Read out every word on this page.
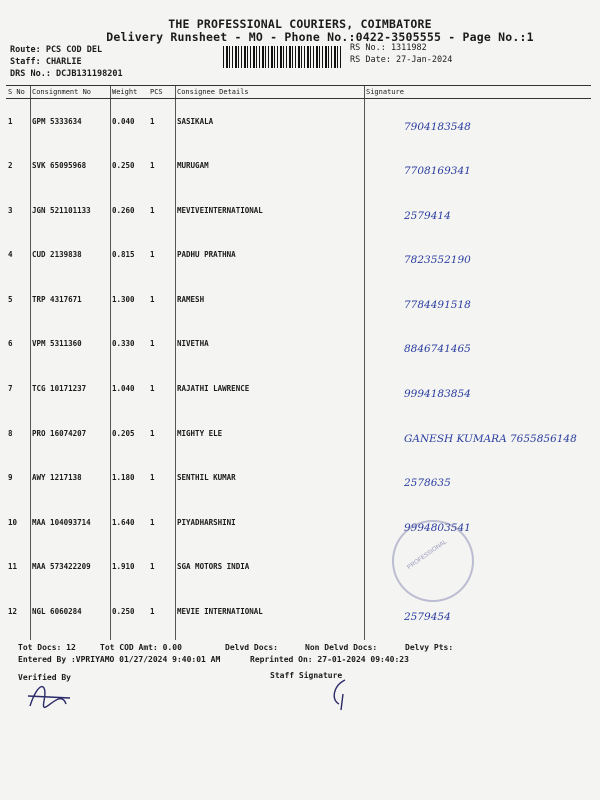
THE PROFESSIONAL COURIERS, COIMBATORE
Delivery Runsheet - MO - Phone No.:0422-3505555 - Page No.:1
Route: PCS COD DEL
Staff: CHARLIE
DRS No.: DCJB131198201
RS No.: 1311982
RS Date: 27-Jan-2024
S No	Consignment No	Weight	PCS	Consignee Details	Signature
1	GPM 5333634	0.040	1	SASIKALA	7904183548
2	SVK 65095968	0.250	1	MURUGAM	7708169341
3	JGN 521101133	0.260	1	MEVIVEINTERNATIONAL	2579414
4	CUD 2139838	0.815	1	PADHU PRATHNA	7823552190
5	TRP 4317671	1.300	1	RAMESH	7784491518
6	VPM 5311360	0.330	1	NIVETHA	8846741465
7	TCG 10171237	1.040	1	RAJATHI LAWRENCE	9994183854
8	PRO 16074207	0.205	1	MIGHTY ELE	GANESH KUMARA 7655856148
9	AWY 1217138	1.180	1	SENTHIL KUMAR	2578635
10	MAA 104093714	1.640	1	PIYADHARSHINI	9994803541
11	MAA 573422209	1.910	1	SGA MOTORS INDIA	
12	NGL 6060284	0.250	1	MEVIE INTERNATIONAL	2579454
PROFESSIONAL
Tot Docs: 12	Tot COD Amt: 0.00	Delvd Docs:	Non Delvd Docs:	Delvy Pts:
Entered By :VPRIYAMO 01/27/2024 9:40:01 AM	Reprinted On: 27-01-2024 09:40:23
Verified By	Staff Signature
